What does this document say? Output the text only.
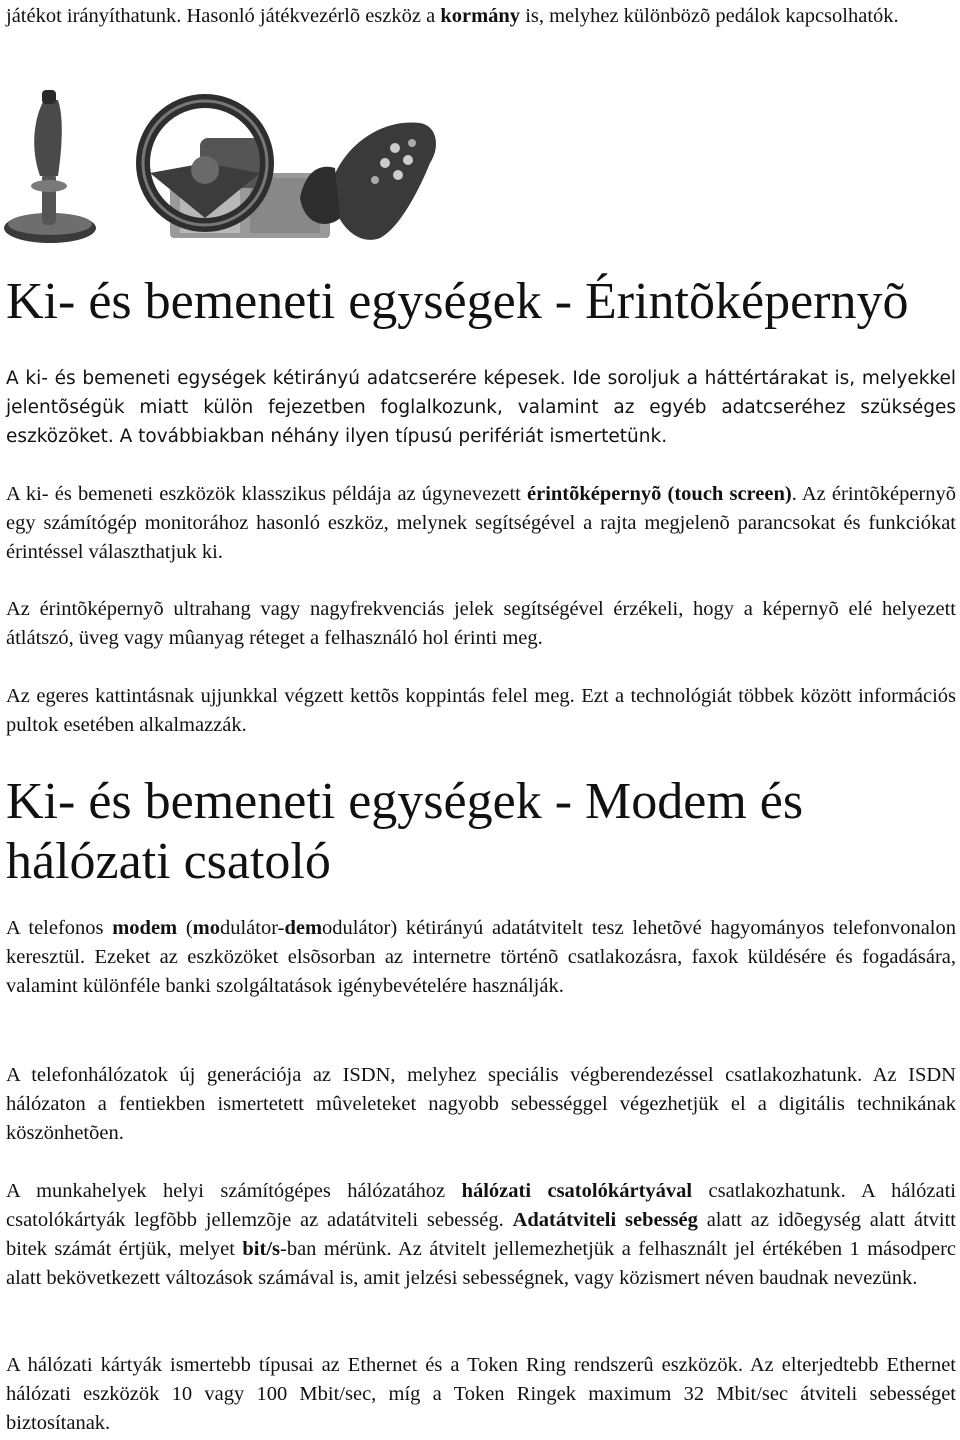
játékot irányíthatunk. Hasonló játékvezérlõ eszköz a kormány is, melyhez különbözõ pedálok kapcsolhatók.

Ki- és bemeneti egységek - Érintõképernyõ

A ki- és bemeneti egységek kétirányú adatcserére képesek. Ide soroljuk a háttértárakat is, melyekkel jelentõségük miatt külön fejezetben foglalkozunk, valamint az egyéb adatcseréhez szükséges eszközöket. A továbbiakban néhány ilyen típusú perifériát ismertetünk.

A ki- és bemeneti eszközök klasszikus példája az úgynevezett érintõképernyõ (touch screen). Az érintõképernyõ egy számítógép monitorához hasonló eszköz, melynek segítségével a rajta megjelenõ parancsokat és funkciókat érintéssel választhatjuk ki.

Az érintõképernyõ ultrahang vagy nagyfrekvenciás jelek segítségével érzékeli, hogy a képernyõ elé helyezett átlátszó, üveg vagy mûanyag réteget a felhasználó hol érinti meg.

Az egeres kattintásnak ujjunkkal végzett kettõs koppintás felel meg. Ezt a technológiát többek között információs pultok esetében alkalmazzák.

Ki- és bemeneti egységek - Modem és
hálózati csatoló

A telefonos modem (modulátor-demodulátor) kétirányú adatátvitelt tesz lehetõvé hagyományos telefonvonalon keresztül. Ezeket az eszközöket elsõsorban az internetre történõ csatlakozásra, faxok küldésére és fogadására, valamint különféle banki szolgáltatások igénybevételére használják.

A telefonhálózatok új generációja az ISDN, melyhez speciális végberendezéssel csatlakozhatunk. Az ISDN hálózaton a fentiekben ismertetett mûveleteket nagyobb sebességgel végezhetjük el a digitális technikának köszönhetõen.

A munkahelyek helyi számítógépes hálózatához hálózati csatolókártyával csatlakozhatunk. A hálózati csatolókártyák legfõbb jellemzõje az adatátviteli sebesség. Adatátviteli sebesség alatt az idõegység alatt átvitt bitek számát értjük, melyet bit/s-ban mérünk. Az átvitelt jellemezhetjük a felhasznált jel értékében 1 másodperc alatt bekövetkezett változások számával is, amit jelzési sebességnek, vagy közismert néven baudnak nevezünk.

A hálózati kártyák ismertebb típusai az Ethernet és a Token Ring rendszerû eszközök. Az elterjedtebb Ethernet hálózati eszközök 10 vagy 100 Mbit/sec, míg a Token Ringek maximum 32 Mbit/sec átviteli sebességet biztosítanak.
